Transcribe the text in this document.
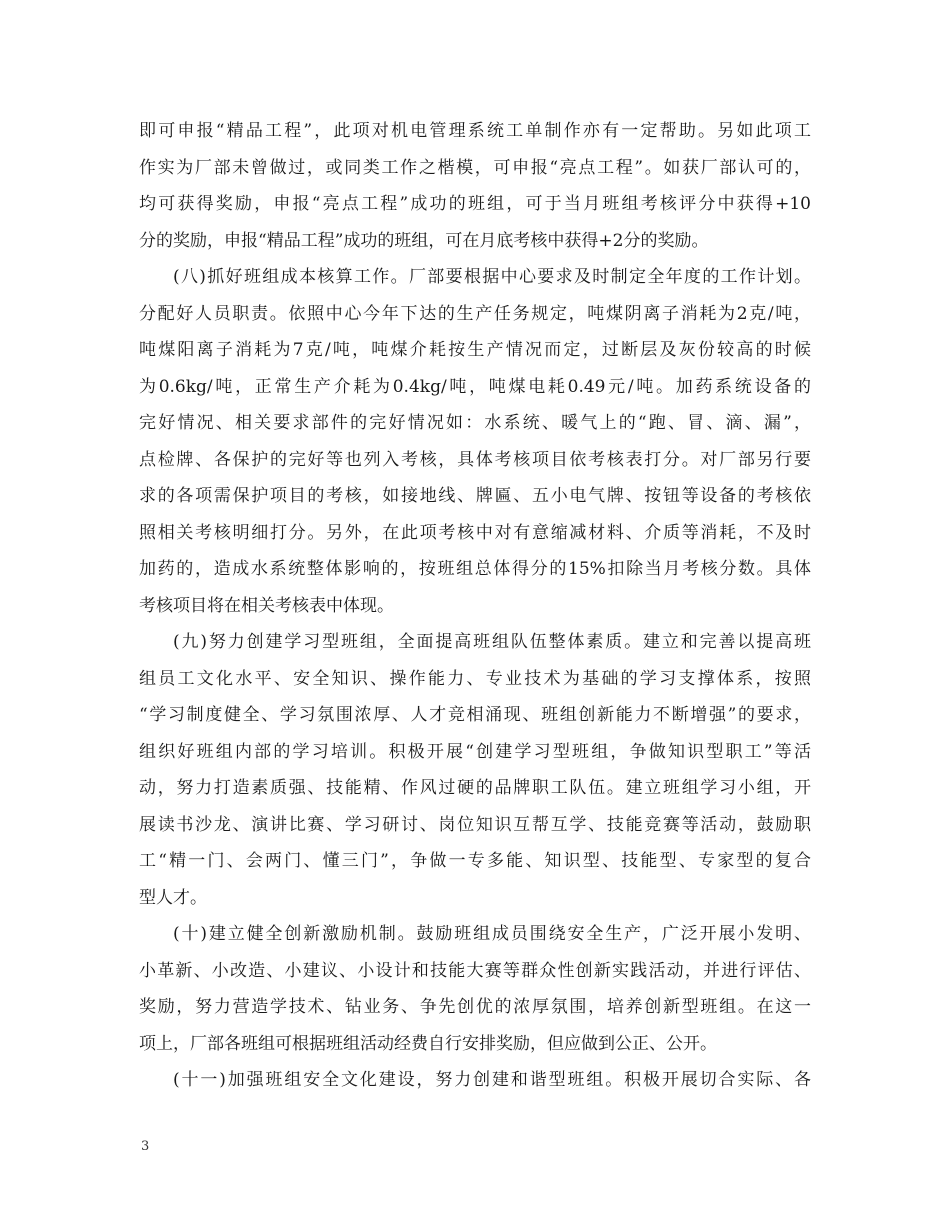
即可申报“精品工程”，此项对机电管理系统工单制作亦有一定帮助。另如此项工
作实为厂部未曾做过，或同类工作之楷模，可申报“亮点工程”。如获厂部认可的，
均可获得奖励，申报“亮点工程”成功的班组，可于当月班组考核评分中获得+10
分的奖励，申报“精品工程”成功的班组，可在月底考核中获得+2分的奖励。
(八)抓好班组成本核算工作。厂部要根据中心要求及时制定全年度的工作计划。
分配好人员职责。依照中心今年下达的生产任务规定，吨煤阴离子消耗为2克/吨，
吨煤阳离子消耗为7克/吨，吨煤介耗按生产情况而定，过断层及灰份较高的时候
为0.6kg/吨，正常生产介耗为0.4kg/吨，吨煤电耗0.49元/吨。加药系统设备的
完好情况、相关要求部件的完好情况如：水系统、暖气上的“跑、冒、滴、漏”，
点检牌、各保护的完好等也列入考核，具体考核项目依考核表打分。对厂部另行要
求的各项需保护项目的考核，如接地线、牌匾、五小电气牌、按钮等设备的考核依
照相关考核明细打分。另外，在此项考核中对有意缩减材料、介质等消耗，不及时
加药的，造成水系统整体影响的，按班组总体得分的15%扣除当月考核分数。具体
考核项目将在相关考核表中体现。
(九)努力创建学习型班组，全面提高班组队伍整体素质。建立和完善以提高班
组员工文化水平、安全知识、操作能力、专业技术为基础的学习支撑体系，按照
“学习制度健全、学习氛围浓厚、人才竞相涌现、班组创新能力不断增强”的要求，
组织好班组内部的学习培训。积极开展“创建学习型班组，争做知识型职工”等活
动，努力打造素质强、技能精、作风过硬的品牌职工队伍。建立班组学习小组，开
展读书沙龙、演讲比赛、学习研讨、岗位知识互帮互学、技能竞赛等活动，鼓励职
工“精一门、会两门、懂三门”，争做一专多能、知识型、技能型、专家型的复合
型人才。
(十)建立健全创新激励机制。鼓励班组成员围绕安全生产，广泛开展小发明、
小革新、小改造、小建议、小设计和技能大赛等群众性创新实践活动，并进行评估、
奖励，努力营造学技术、钻业务、争先创优的浓厚氛围，培养创新型班组。在这一
项上，厂部各班组可根据班组活动经费自行安排奖励，但应做到公正、公开。
(十一)加强班组安全文化建设，努力创建和谐型班组。积极开展切合实际、各
3
